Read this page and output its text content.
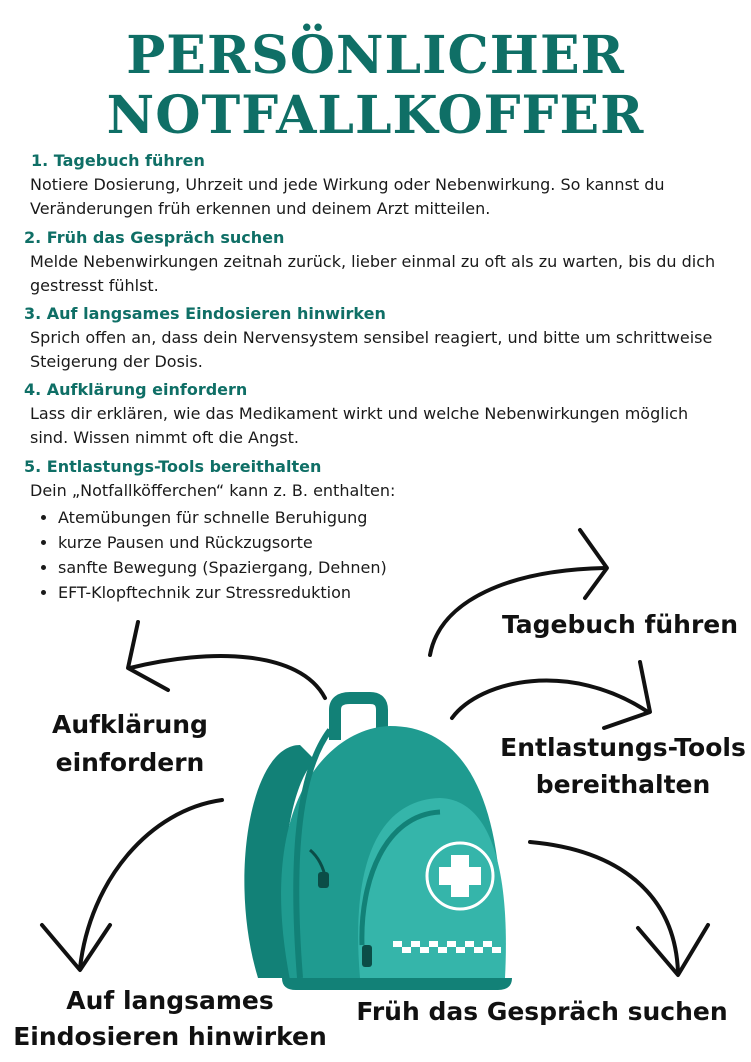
PERSÖNLICHER
NOTFALLKOFFER

1. Tagebuch führen

Notiere Dosierung, Uhrzeit und jede Wirkung oder Nebenwirkung. So kannst du Veränderungen früh erkennen und deinem Arzt mitteilen.

2. Früh das Gespräch suchen

Melde Nebenwirkungen zeitnah zurück, lieber einmal zu oft als zu warten, bis du dich gestresst fühlst.

3. Auf langsames Eindosieren hinwirken

Sprich offen an, dass dein Nervensystem sensibel reagiert, und bitte um schrittweise Steigerung der Dosis.

4. Aufklärung einfordern

Lass dir erklären, wie das Medikament wirkt und welche Nebenwirkungen möglich sind. Wissen nimmt oft die Angst.

5. Entlastungs-Tools bereithalten

Dein „Notfallköfferchen“ kann z. B. enthalten:

• Atemübungen für schnelle Beruhigung
• kurze Pausen und Rückzugsorte
• sanfte Bewegung (Spaziergang, Dehnen)
• EFT-Klopftechnik zur Stressreduktion
Tagebuch führen
Aufklärung
einfordern
Entlastungs-Tools
bereithalten
Auf langsames
Eindosieren hinwirken
Früh das Gespräch suchen
